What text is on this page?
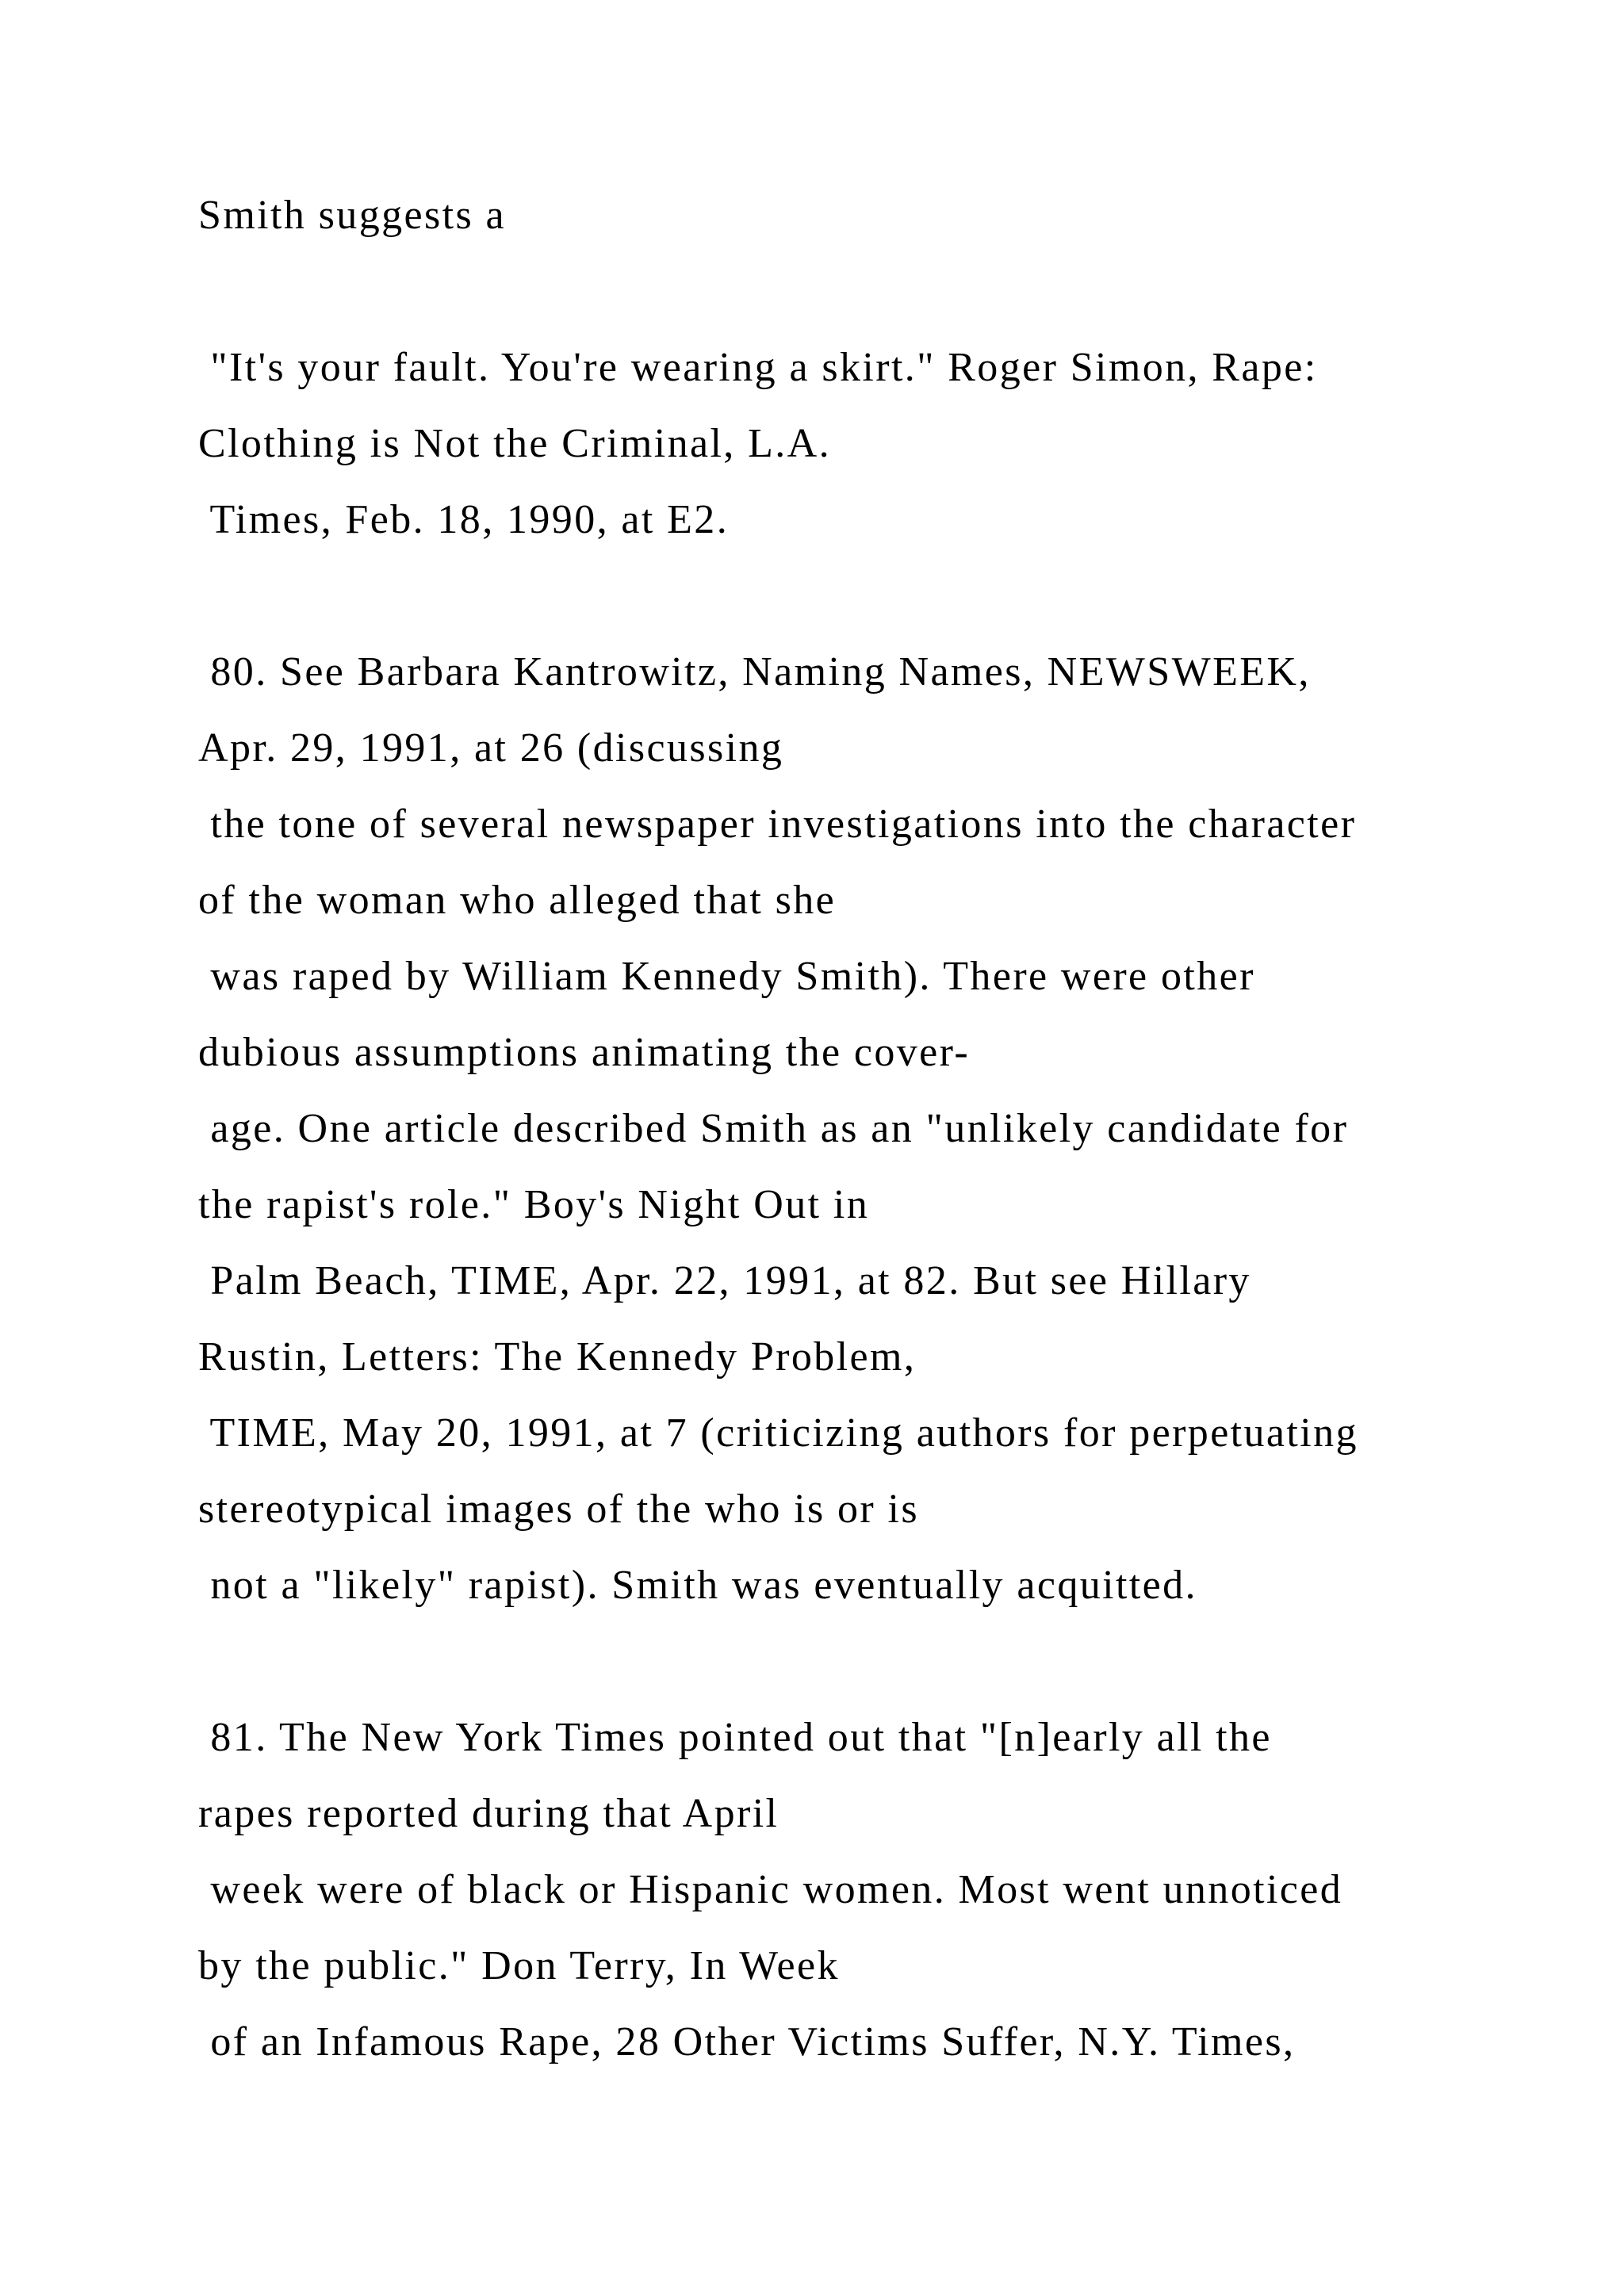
Smith suggests a
"It's your fault. You're wearing a skirt." Roger Simon, Rape:
Clothing is Not the Criminal, L.A.
Times, Feb. 18, 1990, at E2.
80. See Barbara Kantrowitz, Naming Names, NEWSWEEK,
Apr. 29, 1991, at 26 (discussing
the tone of several newspaper investigations into the character
of the woman who alleged that she
was raped by William Kennedy Smith). There were other
dubious assumptions animating the cover-
age. One article described Smith as an "unlikely candidate for
the rapist's role." Boy's Night Out in
Palm Beach, TIME, Apr. 22, 1991, at 82. But see Hillary
Rustin, Letters: The Kennedy Problem,
TIME, May 20, 1991, at 7 (criticizing authors for perpetuating
stereotypical images of the who is or is
not a "likely" rapist). Smith was eventually acquitted.
81. The New York Times pointed out that "[n]early all the
rapes reported during that April
week were of black or Hispanic women. Most went unnoticed
by the public." Don Terry, In Week
of an Infamous Rape, 28 Other Victims Suffer, N.Y. Times,
